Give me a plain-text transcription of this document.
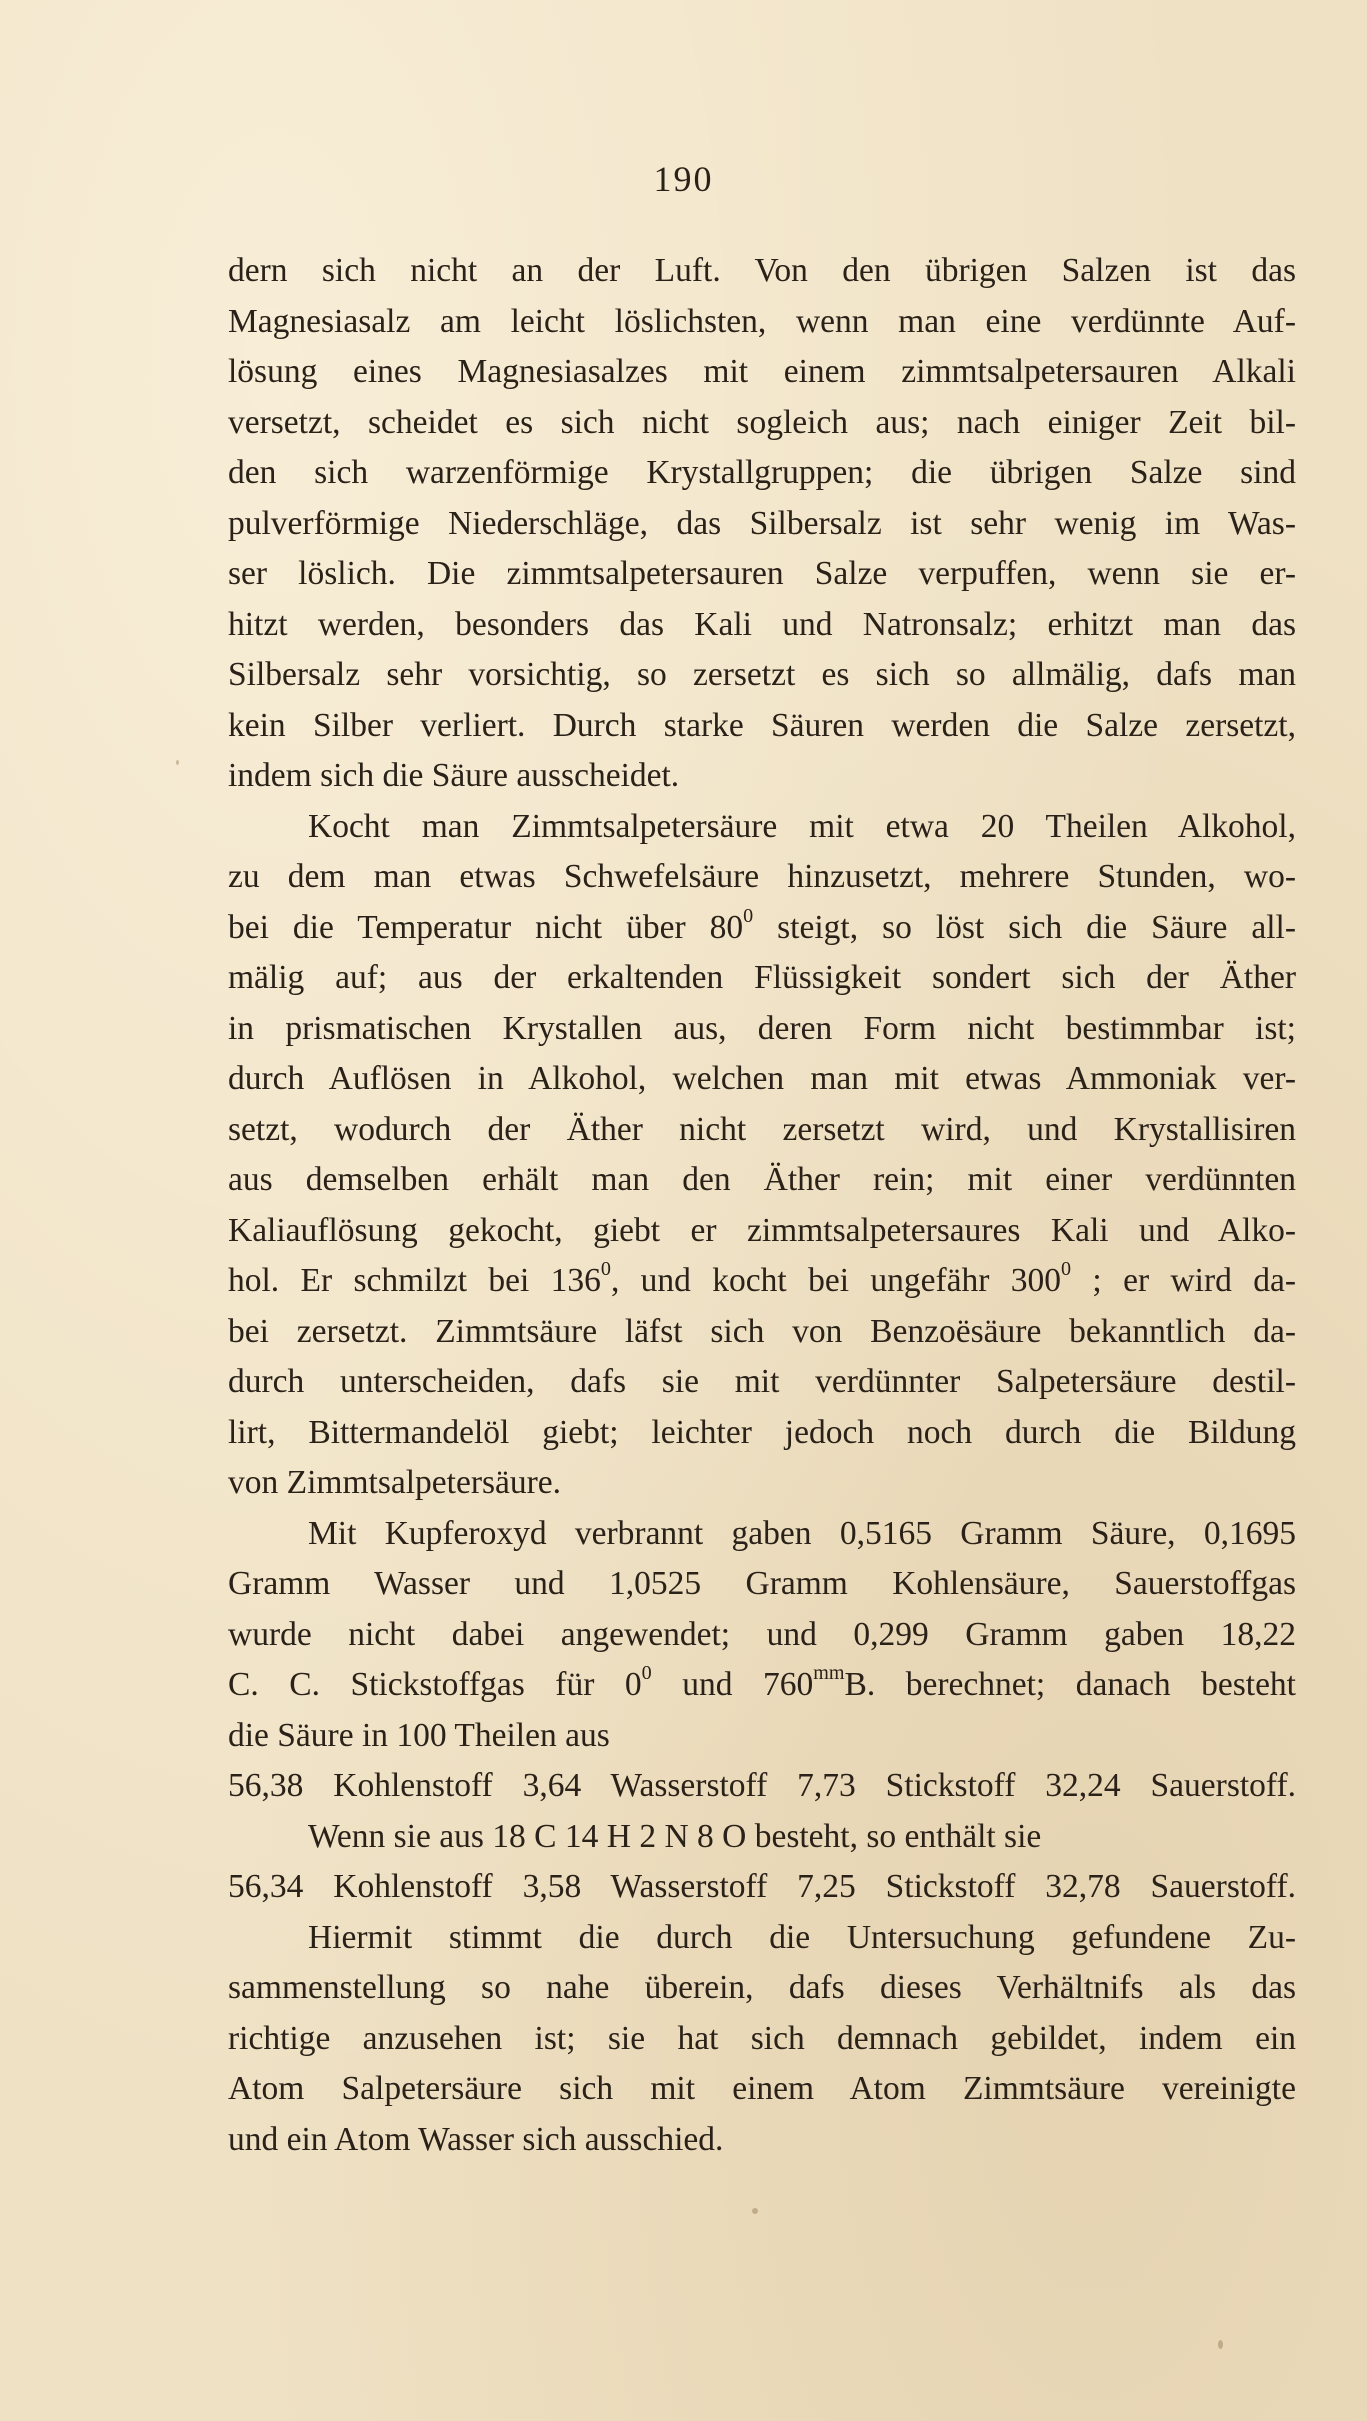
190
dern sich nicht an der Luft. Von den übrigen Salzen ist das
Magnesiasalz am leicht löslichsten, wenn man eine verdünnte Auf-
lösung eines Magnesiasalzes mit einem zimmtsalpetersauren Alkali
versetzt, scheidet es sich nicht sogleich aus; nach einiger Zeit bil-
den sich warzenförmige Krystallgruppen; die übrigen Salze sind
pulverförmige Niederschläge, das Silbersalz ist sehr wenig im Was-
ser löslich. Die zimmtsalpetersauren Salze verpuffen, wenn sie er-
hitzt werden, besonders das Kali und Natronsalz; erhitzt man das
Silbersalz sehr vorsichtig, so zersetzt es sich so allmälig, dafs man
kein Silber verliert. Durch starke Säuren werden die Salze zersetzt,
indem sich die Säure ausscheidet.
Kocht man Zimmtsalpetersäure mit etwa 20 Theilen Alkohol,
zu dem man etwas Schwefelsäure hinzusetzt, mehrere Stunden, wo-
bei die Temperatur nicht über $80^0$ steigt, so löst sich die Säure all-
mälig auf; aus der erkaltenden Flüssigkeit sondert sich der Äther
in prismatischen Krystallen aus, deren Form nicht bestimmbar ist;
durch Auflösen in Alkohol, welchen man mit etwas Ammoniak ver-
setzt, wodurch der Äther nicht zersetzt wird, und Krystallisiren
aus demselben erhält man den Äther rein; mit einer verdünnten
Kaliauflösung gekocht, giebt er zimmtsalpetersaures Kali und Alko-
hol. Er schmilzt bei $136^0$, und kocht bei ungefähr $300^0$ ; er wird da-
bei zersetzt. Zimmtsäure läfst sich von Benzoësäure bekanntlich da-
durch unterscheiden, dafs sie mit verdünnter Salpetersäure destil-
lirt, Bittermandelöl giebt; leichter jedoch noch durch die Bildung
von Zimmtsalpetersäure.
Mit Kupferoxyd verbrannt gaben 0,5165 Gramm Säure, 0,1695
Gramm Wasser und 1,0525 Gramm Kohlensäure, Sauerstoffgas
wurde nicht dabei angewendet; und 0,299 Gramm gaben 18,22
C. C. Stickstoffgas für $0^0$ und $760^{mm}B$. berechnet; danach besteht
die Säure in 100 Theilen aus
56,38 Kohlenstoff 3,64 Wasserstoff 7,73 Stickstoff 32,24 Sauerstoff.
Wenn sie aus 18 C 14 H 2 N 8 O besteht, so enthält sie
56,34 Kohlenstoff 3,58 Wasserstoff 7,25 Stickstoff 32,78 Sauerstoff.
Hiermit stimmt die durch die Untersuchung gefundene Zu-
sammenstellung so nahe überein, dafs dieses Verhältnifs als das
richtige anzusehen ist; sie hat sich demnach gebildet, indem ein
Atom Salpetersäure sich mit einem Atom Zimmtsäure vereinigte
und ein Atom Wasser sich ausschied.
